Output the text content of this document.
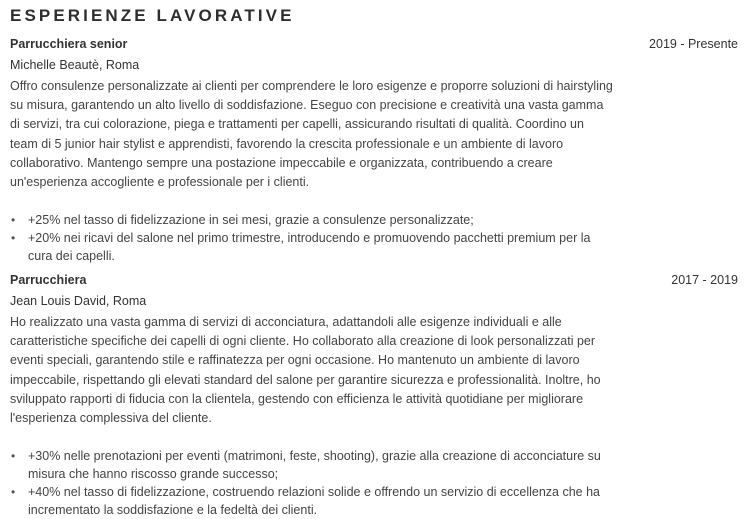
ESPERIENZE LAVORATIVE
Parrucchiera senior	2019 - Presente
Michelle Beautè, Roma
Offro consulenze personalizzate ai clienti per comprendere le loro esigenze e proporre soluzioni di hairstyling su misura, garantendo un alto livello di soddisfazione. Eseguo con precisione e creatività una vasta gamma di servizi, tra cui colorazione, piega e trattamenti per capelli, assicurando risultati di qualità. Coordino un team di 5 junior hair stylist e apprendisti, favorendo la crescita professionale e un ambiente di lavoro collaborativo. Mantengo sempre una postazione impeccabile e organizzata, contribuendo a creare un'esperienza accogliente e professionale per i clienti.
• +25% nel tasso di fidelizzazione in sei mesi, grazie a consulenze personalizzate;
• +20% nei ricavi del salone nel primo trimestre, introducendo e promuovendo pacchetti premium per la cura dei capelli.
Parrucchiera	2017 - 2019
Jean Louis David, Roma
Ho realizzato una vasta gamma di servizi di acconciatura, adattandoli alle esigenze individuali e alle caratteristiche specifiche dei capelli di ogni cliente. Ho collaborato alla creazione di look personalizzati per eventi speciali, garantendo stile e raffinatezza per ogni occasione. Ho mantenuto un ambiente di lavoro impeccabile, rispettando gli elevati standard del salone per garantire sicurezza e professionalità. Inoltre, ho sviluppato rapporti di fiducia con la clientela, gestendo con efficienza le attività quotidiane per migliorare l'esperienza complessiva del cliente.
• +30% nelle prenotazioni per eventi (matrimoni, feste, shooting), grazie alla creazione di acconciature su misura che hanno riscosso grande successo;
• +40% nel tasso di fidelizzazione, costruendo relazioni solide e offrendo un servizio di eccellenza che ha incrementato la soddisfazione e la fedeltà dei clienti.
